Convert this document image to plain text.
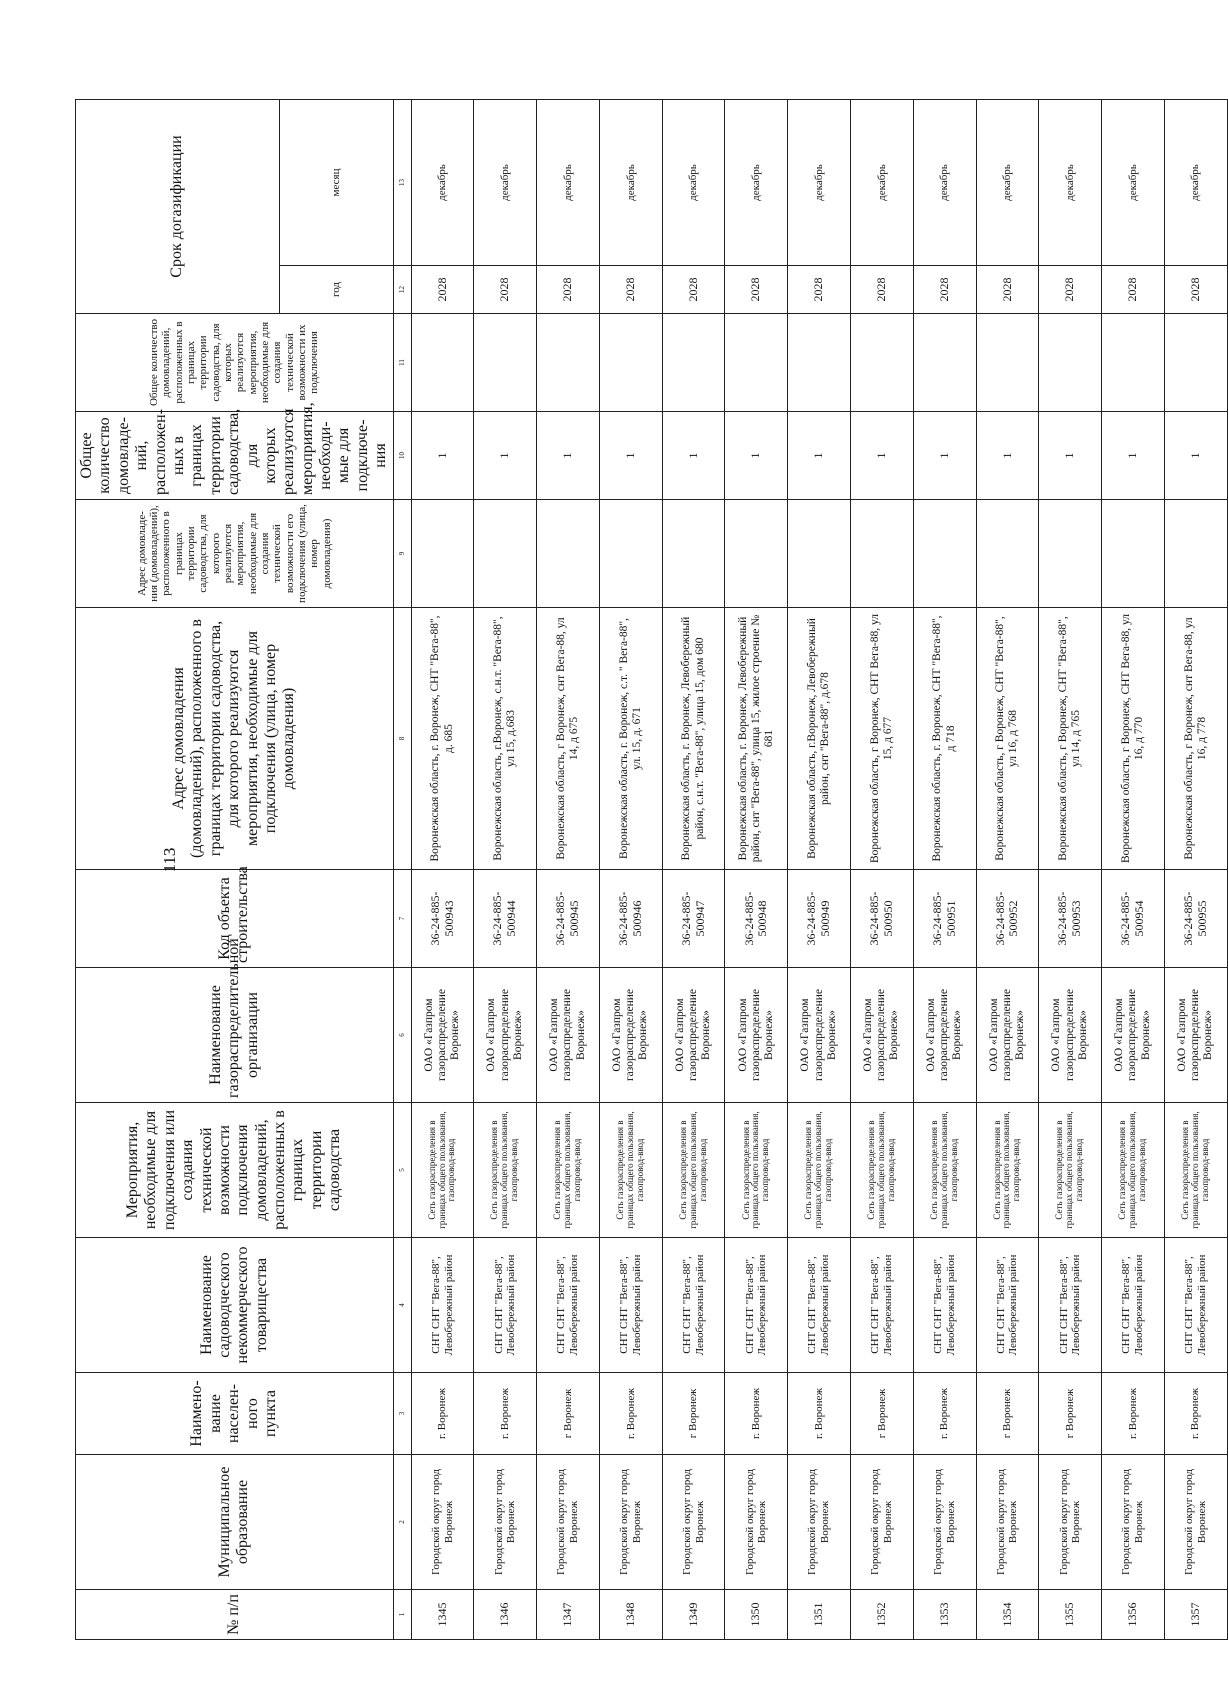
113
№ п/п	Муниципальное образование	Наимено-вание населен-ного пункта	Наименование садоводческого некоммерческого товарищества	Мероприятия, необходимые для подключения или создания технической возможности подключения домовладений, расположенных в границах территории садоводства	Наименование газораспределительной организации	Код объекта строительства	Адрес домовладения (домовладений), расположенного в границах территории садоводства, для которого реализуются мероприятия, необходимые для подключения (улица, номер домовладения)	Адрес домовладе-ния (домовладений), расположенного в границах территории садоводства, для которого реализуются мероприятия, необходимые для создания технической возможности его подключения (улица, номер домовладения)	Общее количество домовладе-ний, расположен-ных в границах территории садоводства, для которых реализуются мероприятия, необходи-мые для подключе-ния	Общее количество домовладений, расположенных в границах территории садоводства, для которых реализуются мероприятия, необходимые для создания технической возможности их подключения	Срок догазификации	
											год	месяц
1	2	3	4	5	6	7	8	9	10	11	12	13
1345	Городской округ город Воронеж	г. Воронеж	СНТ СНТ "Вега-88", Левобережный район	Сеть газораспределения в границах общего пользования, газопровод-ввод	ОАО «Газпром газораспределение Воронеж»	36-24-885-500943	Воронежская область, г. Воронеж, СНТ "Вега-88", д. 685		1		2028	декабрь
1346	Городской округ город Воронеж	г. Воронеж	СНТ СНТ "Вега-88", Левобережный район	Сеть газораспределения в границах общего пользования, газопровод-ввод	ОАО «Газпром газораспределение Воронеж»	36-24-885-500944	Воронежская область, г.Воронеж, с.н.т. "Вега-88", ул 15, д.683		1		2028	декабрь
1347	Городской округ город Воронеж	г Воронеж	СНТ СНТ "Вега-88", Левобережный район	Сеть газораспределения в границах общего пользования, газопровод-ввод	ОАО «Газпром газораспределение Воронеж»	36-24-885-500945	Воронежская область, г Воронеж, снт Вега-88, ул 14, д 675		1		2028	декабрь
1348	Городской округ город Воронеж	г. Воронеж	СНТ СНТ "Вега-88", Левобережный район	Сеть газораспределения в границах общего пользования, газопровод-ввод	ОАО «Газпром газораспределение Воронеж»	36-24-885-500946	Воронежская область, г. Воронеж, с.т. " Вега-88", ул. 15, д. 671		1		2028	декабрь
1349	Городской округ город Воронеж	г Воронеж	СНТ СНТ "Вега-88", Левобережный район	Сеть газораспределения в границах общего пользования, газопровод-ввод	ОАО «Газпром газораспределение Воронеж»	36-24-885-500947	Воронежская область, г. Воронеж, Левобережный район, с.н.т. "Вега-88", улица 15, дом 680		1		2028	декабрь
1350	Городской округ город Воронеж	г. Воронеж	СНТ СНТ "Вега-88", Левобережный район	Сеть газораспределения в границах общего пользования, газопровод-ввод	ОАО «Газпром газораспределение Воронеж»	36-24-885-500948	Воронежская область, г. Воронеж, Левобережный район, снт "Вега-88", улица 15, жилое строение № 681		1		2028	декабрь
1351	Городской округ город Воронеж	г. Воронеж	СНТ СНТ "Вега-88", Левобережный район	Сеть газораспределения в границах общего пользования, газопровод-ввод	ОАО «Газпром газораспределение Воронеж»	36-24-885-500949	Воронежская область, г.Воронеж, Левобережный район, снт "Вега-88", д.678		1		2028	декабрь
1352	Городской округ город Воронеж	г Воронеж	СНТ СНТ "Вега-88", Левобережный район	Сеть газораспределения в границах общего пользования, газопровод-ввод	ОАО «Газпром газораспределение Воронеж»	36-24-885-500950	Воронежская область, г Воронеж, СНТ Вега-88, ул 15, д 677		1		2028	декабрь
1353	Городской округ город Воронеж	г. Воронеж	СНТ СНТ "Вега-88", Левобережный район	Сеть газораспределения в границах общего пользования, газопровод-ввод	ОАО «Газпром газораспределение Воронеж»	36-24-885-500951	Воронежская область, г. Воронеж, СНТ "Вега-88", д 718		1		2028	декабрь
1354	Городской округ город Воронеж	г Воронеж	СНТ СНТ "Вега-88", Левобережный район	Сеть газораспределения в границах общего пользования, газопровод-ввод	ОАО «Газпром газораспределение Воронеж»	36-24-885-500952	Воронежская область, г Воронеж, СНТ "Вега-88", ул 16, д 768		1		2028	декабрь
1355	Городской округ город Воронеж	г Воронеж	СНТ СНТ "Вега-88", Левобережный район	Сеть газораспределения в границах общего пользования, газопровод-ввод	ОАО «Газпром газораспределение Воронеж»	36-24-885-500953	Воронежская область, г Воронеж, СНТ "Вега-88", ул 14, д 765		1		2028	декабрь
1356	Городской округ город Воронеж	г. Воронеж	СНТ СНТ "Вега-88", Левобережный район	Сеть газораспределения в границах общего пользования, газопровод-ввод	ОАО «Газпром газораспределение Воронеж»	36-24-885-500954	Воронежская область, г Воронеж, СНТ Вега-88, ул 16, д 770		1		2028	декабрь
1357	Городской округ город Воронеж	г. Воронеж	СНТ СНТ "Вега-88", Левобережный район	Сеть газораспределения в границах общего пользования, газопровод-ввод	ОАО «Газпром газораспределение Воронеж»	36-24-885-500955	Воронежская область, г Воронеж, снт Вега-88, ул 16, д 778		1		2028	декабрь
